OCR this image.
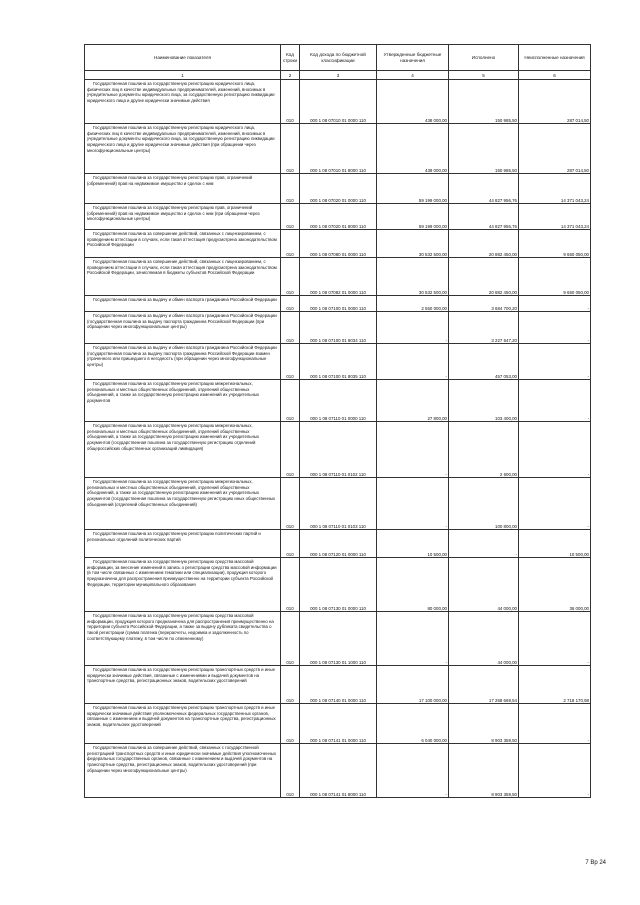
Наименование показателя	Код строки	Код дохода по бюджетной классификации	Утвержденные бюджетные назначения	Исполнено	Неисполненные назначения
1	2	3	4	5	6

Государственная пошлина за государственную регистрацию юридического лица, физических лиц в качестве индивидуальных предпринимателей, изменений, вносимых в учредительные документы юридического лица, за государственную регистрацию ликвидации юридического лица и другие юридически значимые действия	010	000 1 08 07010 01 0000 110	438 000,00	150 985,50	287 014,50

Государственная пошлина за государственную регистрацию юридического лица, физических лиц в качестве индивидуальных предпринимателей, изменений, вносимых в учредительные документы юридического лица, за государственную регистрацию ликвидации юридического лица и другие юридически значимые действия (при обращении через многофункциональные центры)	010	000 1 08 07010 01 8000 110	438 000,00	150 985,50	287 014,50

Государственная пошлина за государственную регистрацию прав, ограничений (обременений) прав на недвижимое имущество и сделок с ним	010	000 1 08 07020 01 0000 110	59 199 000,00	44 827 956,76	14 371 043,24

Государственная пошлина за государственную регистрацию прав, ограничений (обременений) прав на недвижимое имущество и сделок с ним (при обращении через многофункциональные центры)	010	000 1 08 07020 01 8000 110	59 199 000,00	44 827 956,76	14 371 043,24

Государственная пошлина за совершение действий, связанных с лицензированием, с проведением аттестации в случаях, если такая аттестация предусмотрена законодательством Российской Федерации	010	000 1 08 07080 01 0000 110	30 532 500,00	20 882 450,00	9 650 050,00

Государственная пошлина за совершение действий, связанных с лицензированием, с проведением аттестации в случаях, если такая аттестация предусмотрена законодательством Российской Федерации, зачисляемая в бюджеты субъектов Российской Федерации	010	000 1 08 07082 01 0000 110	30 532 500,00	20 882 450,00	9 650 050,00

Государственная пошлина за выдачу и обмен паспорта гражданина Российской Федерации	010	000 1 08 07100 01 0000 110	2 550 000,00	3 684 700,20	-

Государственная пошлина за выдачу и обмен паспорта гражданина Российской Федерации (государственная пошлина за выдачу паспорта гражданина Российской Федерации (при обращении через многофункциональные центры)	010	000 1 08 07100 01 8034 110	-	3 227 647,20	-

Государственная пошлина за выдачу и обмен паспорта гражданина Российской Федерации (государственная пошлина за выдачу паспорта гражданина Российской Федерации взамен утраченного или пришедшего в негодность (при обращении через многофункциональные центры)	010	000 1 08 07100 01 8035 110	-	457 053,00	-

Государственная пошлина за государственную регистрацию межрегиональных, региональных и местных общественных объединений, отделений общественных объединений, а также за государственную регистрацию изменений их учредительных документов	010	000 1 08 07110 01 0000 110	27 800,00	103 400,00	-

Государственная пошлина за государственную регистрацию межрегиональных, региональных и местных общественных объединений, отделений общественных объединений, а также за государственную регистрацию изменений их учредительных документов (государственная пошлина за государственную регистрацию отделений общероссийских общественных организаций ликвидация)	010	000 1 08 07110 01 0102 110	-	2 600,00	-

Государственная пошлина за государственную регистрацию межрегиональных, региональных и местных общественных объединений, отделений общественных объединений, а также за государственную регистрацию изменений их учредительных документов (государственная пошлина за государственную регистрацию иных общественных объединений (отделений общественных объединений)	010	000 1 08 07110 01 0103 110	-	100 800,00	-

Государственная пошлина за государственную регистрацию политических партий и региональных отделений политических партий	010	000 1 08 07120 01 0000 110	10 500,00	-	10 500,00

Государственная пошлина за государственную регистрацию средства массовой информации, за внесение изменений в запись о регистрации средства массовой информации (в том числе связанных с изменением тематики или специализации), продукция которого предназначена для распространения преимущественно на территории субъекта Российской Федерации, территории муниципального образования	010	000 1 08 07130 01 0000 110	80 000,00	44 000,00	36 000,00

Государственная пошлина за государственную регистрацию средства массовой информации, продукция которого предназначена для распространения преимущественно на территории субъекта Российской Федерации, а также за выдачу дубликата свидетельства о такой регистрации (сумма платежа (перерасчеты, недоимка и задолженность по соответствующему платежу, в том числе по отмененному)	010	000 1 08 07130 01 1000 110	-	44 000,00	-

Государственная пошлина за государственную регистрацию транспортных средств и иные юридически значимые действия, связанные с изменениями и выдачей документов на транспортные средства, регистрационных знаков, водительских удостоверений	010	000 1 08 07140 01 0000 110	17 100 000,00	17 268 669,54	2 718 170,98

Государственная пошлина за государственную регистрацию транспортных средств и иные юридически значимые действия уполномоченных федеральных государственных органов, связанные с изменением и выдачей документов на транспортные средства, регистрационных знаков, водительских удостоверений	010	000 1 08 07141 01 0000 110	6 040 000,00	8 903 359,50	-

Государственная пошлина за совершение действий, связанных с государственной регистрацией транспортных средств и иные юридически значимые действия уполномоченных федеральных государственных органов, связанные с изменением и выдачей документов на транспортные средства, регистрационных знаков, водительских удостоверений (при обращении через многофункциональные центры)	010	000 1 08 07141 01 8000 110	-	8 903 359,50	-
7 Вр 24
